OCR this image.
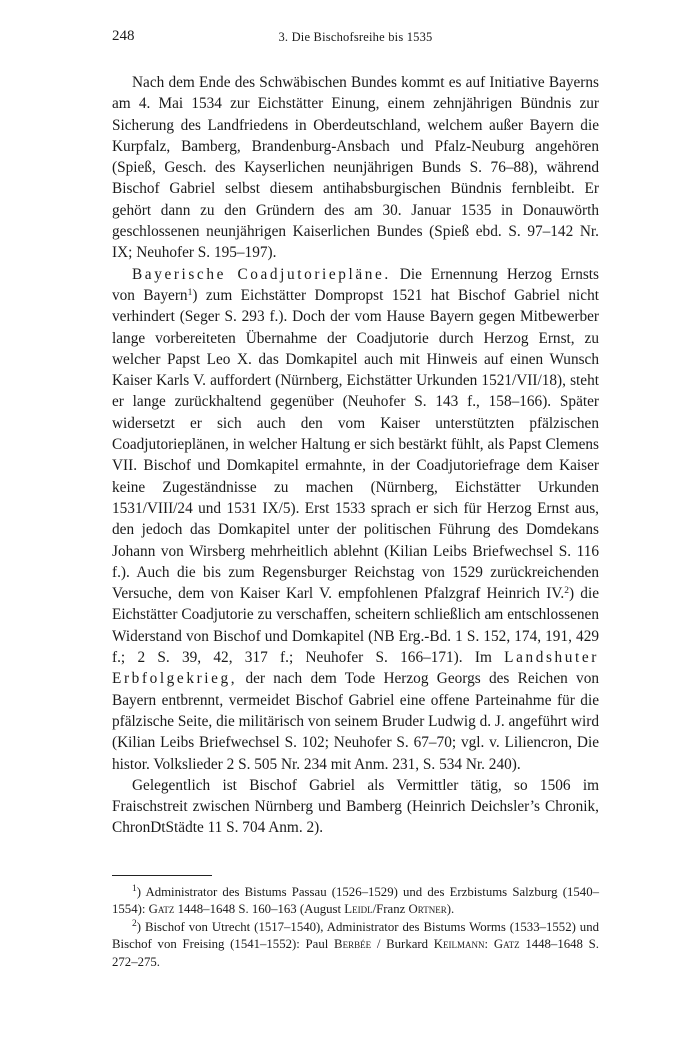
248	3. Die Bischofsreihe bis 1535

Nach dem Ende des Schwäbischen Bundes kommt es auf Initiative Bayerns am 4. Mai 1534 zur Eichstätter Einung, einem zehnjährigen Bündnis zur Sicherung des Landfriedens in Oberdeutschland, welchem außer Bayern die Kurpfalz, Bamberg, Brandenburg-Ansbach und Pfalz-Neuburg angehören (Spieß, Gesch. des Kayserlichen neunjährigen Bunds S. 76–88), während Bischof Gabriel selbst diesem antihabsburgischen Bündnis fernbleibt. Er gehört dann zu den Gründern des am 30. Januar 1535 in Donauwörth geschlossenen neunjährigen Kaiserlichen Bundes (Spieß ebd. S. 97–142 Nr. IX; Neuhofer S. 195–197).

Bayerische Coadjutoriepläne. Die Ernennung Herzog Ernsts von Bayern$^1$) zum Eichstätter Dompropst 1521 hat Bischof Gabriel nicht verhindert (Seger S. 293 f.). Doch der vom Hause Bayern gegen Mitbewerber lange vorbereiteten Übernahme der Coadjutorie durch Herzog Ernst, zu welcher Papst Leo X. das Domkapitel auch mit Hinweis auf einen Wunsch Kaiser Karls V. auffordert (Nürnberg, Eichstätter Urkunden 1521/VII/18), steht er lange zurückhaltend gegenüber (Neuhofer S. 143 f., 158–166). Später widersetzt er sich auch den vom Kaiser unterstützten pfälzischen Coadjutorieplänen, in welcher Haltung er sich bestärkt fühlt, als Papst Clemens VII. Bischof und Domkapitel ermahnte, in der Coadjutoriefrage dem Kaiser keine Zugeständnisse zu machen (Nürnberg, Eichstätter Urkunden 1531/VIII/24 und 1531 IX/5). Erst 1533 sprach er sich für Herzog Ernst aus, den jedoch das Domkapitel unter der politischen Führung des Domdekans Johann von Wirsberg mehrheitlich ablehnt (Kilian Leibs Briefwechsel S. 116 f.). Auch die bis zum Regensburger Reichstag von 1529 zurückreichenden Versuche, dem von Kaiser Karl V. empfohlenen Pfalzgraf Heinrich IV.$^2$) die Eichstätter Coadjutorie zu verschaffen, scheitern schließlich am entschlossenen Widerstand von Bischof und Domkapitel (NB Erg.-Bd. 1 S. 152, 174, 191, 429 f.; 2 S. 39, 42, 317 f.; Neuhofer S. 166–171). Im Landshuter Erbfolgekrieg, der nach dem Tode Herzog Georgs des Reichen von Bayern entbrennt, vermeidet Bischof Gabriel eine offene Parteinahme für die pfälzische Seite, die militärisch von seinem Bruder Ludwig d. J. angeführt wird (Kilian Leibs Briefwechsel S. 102; Neuhofer S. 67–70; vgl. v. Liliencron, Die histor. Volkslieder 2 S. 505 Nr. 234 mit Anm. 231, S. 534 Nr. 240).

Gelegentlich ist Bischof Gabriel als Vermittler tätig, so 1506 im Fraischstreit zwischen Nürnberg und Bamberg (Heinrich Deichsler’s Chronik, ChronDtStädte 11 S. 704 Anm. 2).

$^1$) Administrator des Bistums Passau (1526–1529) und des Erzbistums Salzburg (1540–1554): Gatz 1448–1648 S. 160–163 (August Leidl/Franz Ortner).

$^2$) Bischof von Utrecht (1517–1540), Administrator des Bistums Worms (1533–1552) und Bischof von Freising (1541–1552): Paul Berbée / Burkard Keilmann: Gatz 1448–1648 S. 272–275.
